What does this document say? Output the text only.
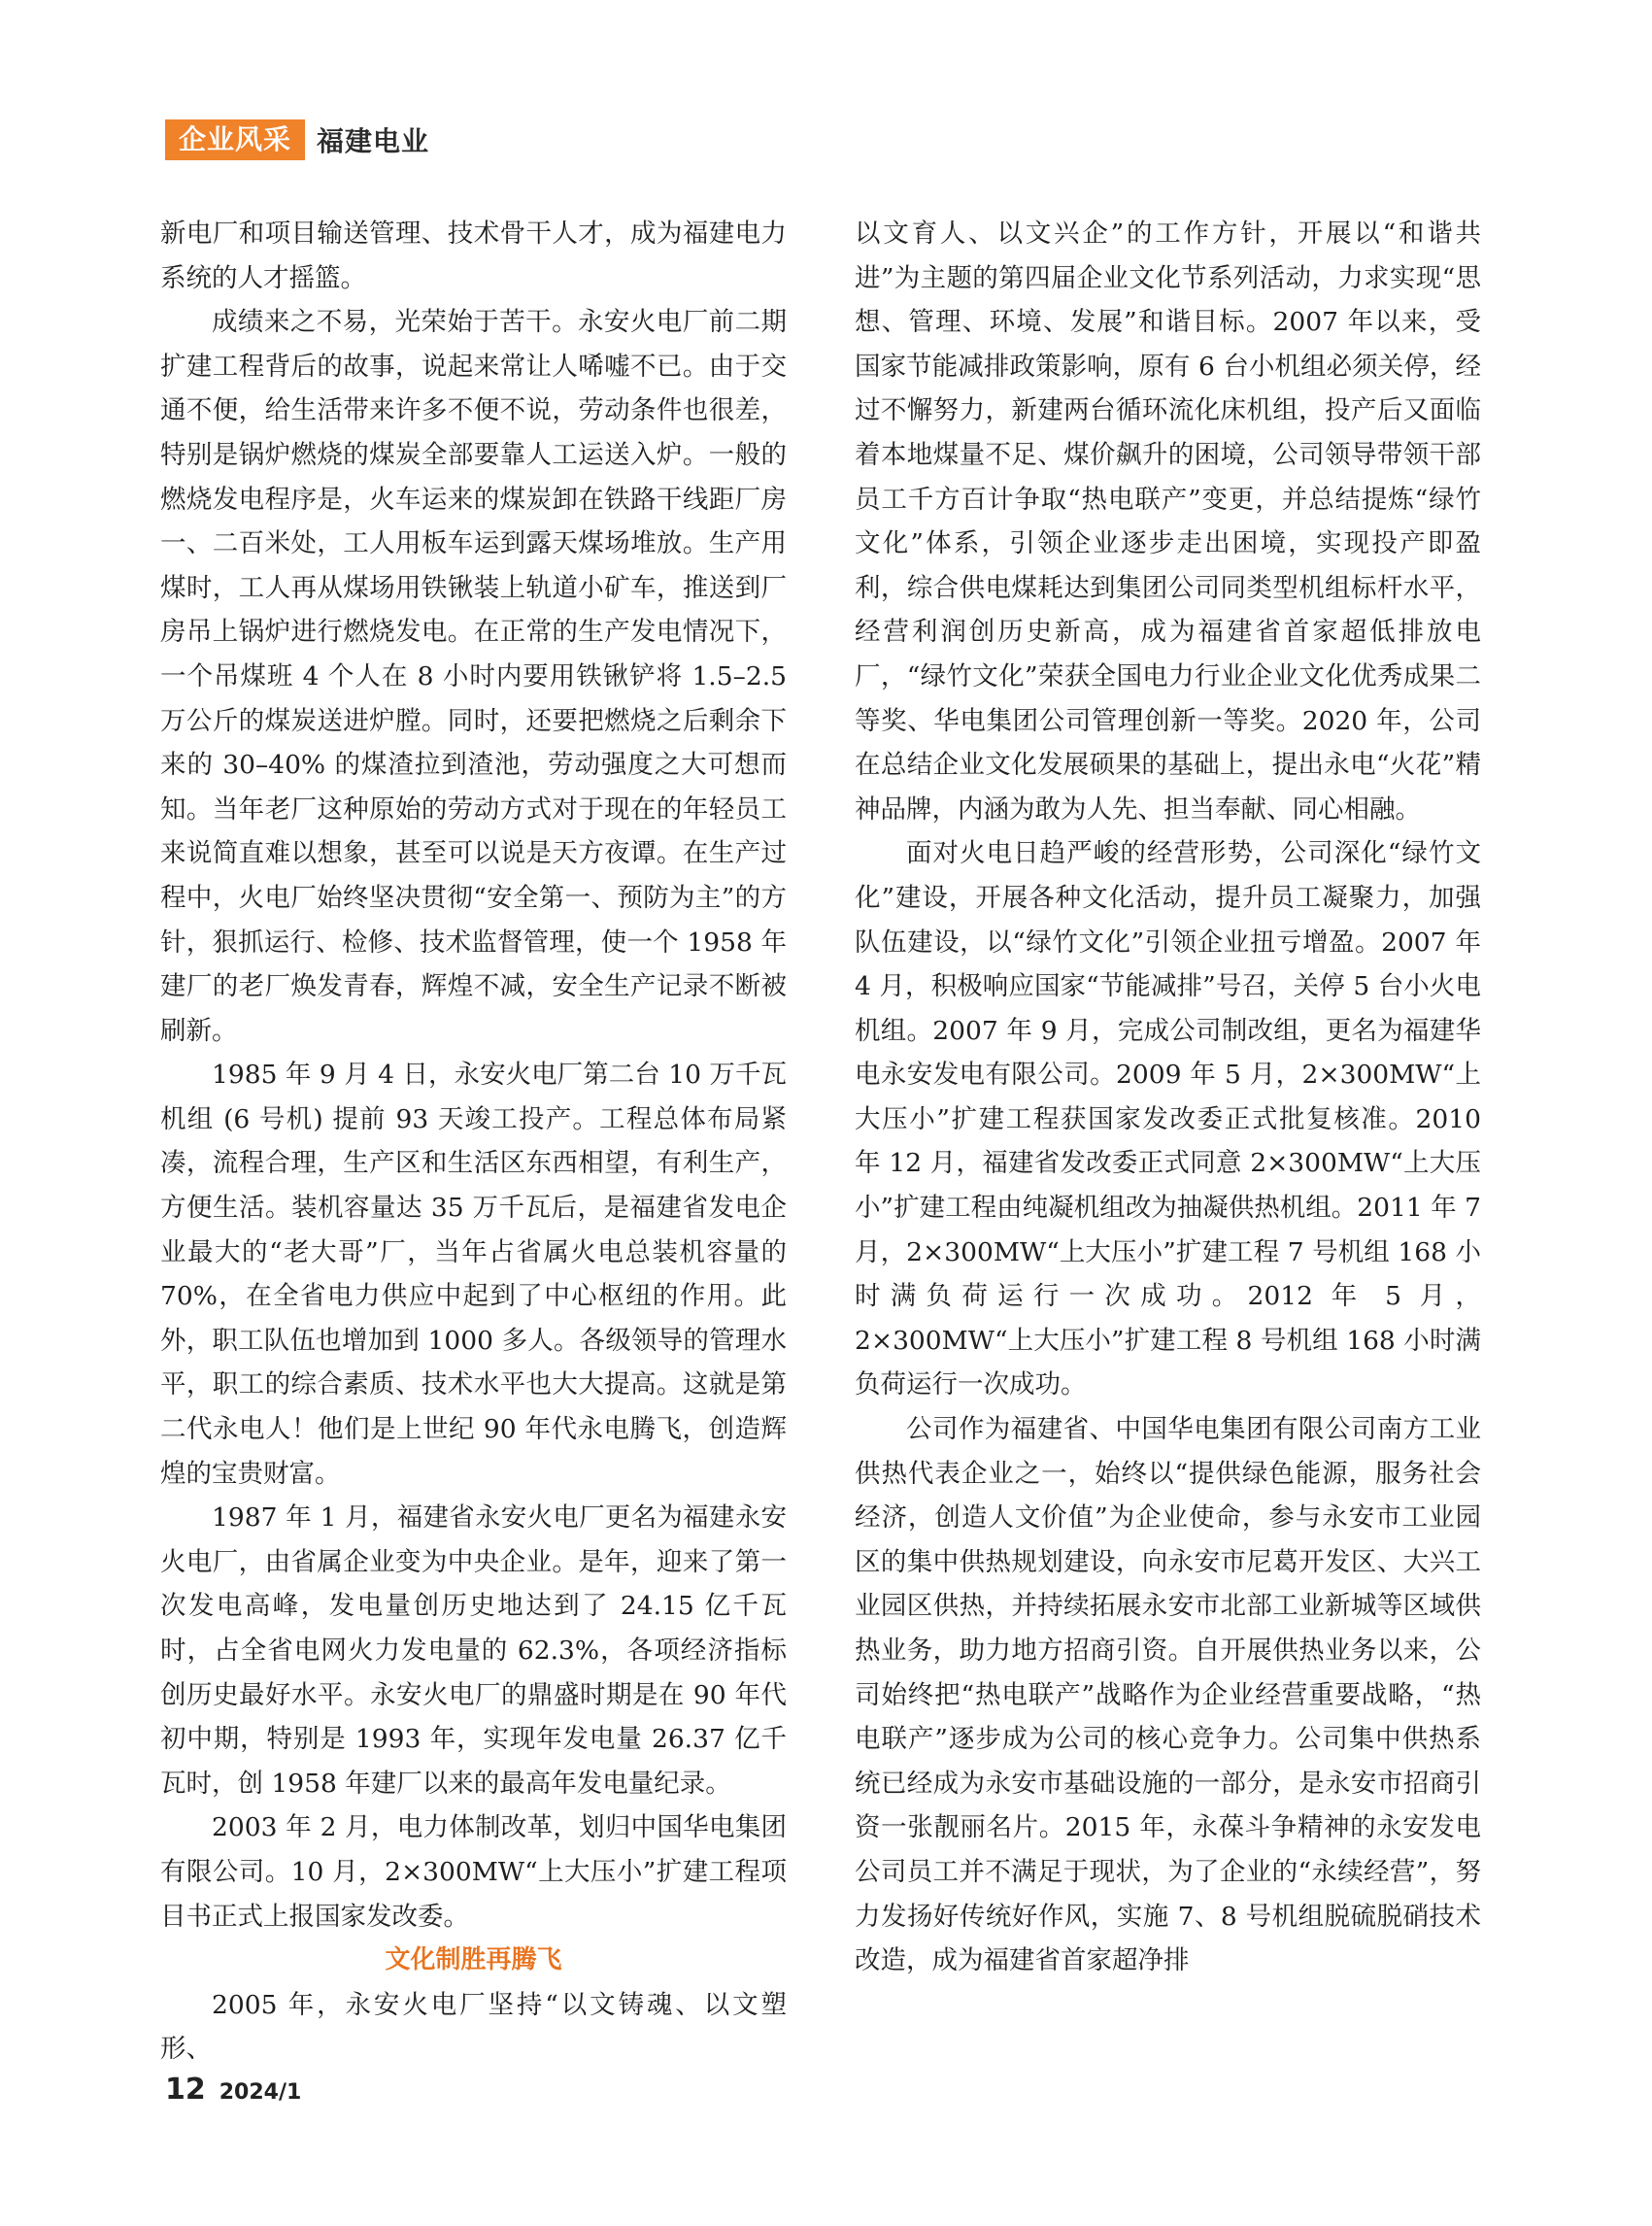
企业风采 福建电业

新电厂和项目输送管理、技术骨干人才，成为福建电力系统的人才摇篮。

成绩来之不易，光荣始于苦干。永安火电厂前二期扩建工程背后的故事，说起来常让人唏嘘不已。由于交通不便，给生活带来许多不便不说，劳动条件也很差，特别是锅炉燃烧的煤炭全部要靠人工运送入炉。一般的燃烧发电程序是，火车运来的煤炭卸在铁路干线距厂房一、二百米处，工人用板车运到露天煤场堆放。生产用煤时，工人再从煤场用铁锹装上轨道小矿车，推送到厂房吊上锅炉进行燃烧发电。在正常的生产发电情况下，一个吊煤班 4 个人在 8 小时内要用铁锹铲将 1.5–2.5 万公斤的煤炭送进炉膛。同时，还要把燃烧之后剩余下来的 30–40% 的煤渣拉到渣池，劳动强度之大可想而知。当年老厂这种原始的劳动方式对于现在的年轻员工来说简直难以想象，甚至可以说是天方夜谭。在生产过程中，火电厂始终坚决贯彻“安全第一、预防为主”的方针，狠抓运行、检修、技术监督管理，使一个 1958 年建厂的老厂焕发青春，辉煌不减，安全生产记录不断被刷新。

1985 年 9 月 4 日，永安火电厂第二台 10 万千瓦机组 (6 号机) 提前 93 天竣工投产。工程总体布局紧凑，流程合理，生产区和生活区东西相望，有利生产，方便生活。装机容量达 35 万千瓦后，是福建省发电企业最大的“老大哥”厂，当年占省属火电总装机容量的 70%，在全省电力供应中起到了中心枢纽的作用。此外，职工队伍也增加到 1000 多人。各级领导的管理水平，职工的综合素质、技术水平也大大提高。这就是第二代永电人！他们是上世纪 90 年代永电腾飞，创造辉煌的宝贵财富。

1987 年 1 月，福建省永安火电厂更名为福建永安火电厂，由省属企业变为中央企业。是年，迎来了第一次发电高峰，发电量创历史地达到了 24.15 亿千瓦时，占全省电网火力发电量的 62.3%，各项经济指标创历史最好水平。永安火电厂的鼎盛时期是在 90 年代初中期，特别是 1993 年，实现年发电量 26.37 亿千瓦时，创 1958 年建厂以来的最高年发电量纪录。

2003 年 2 月，电力体制改革，划归中国华电集团有限公司。10 月，2×300MW“上大压小”扩建工程项目书正式上报国家发改委。

文化制胜再腾飞

2005 年，永安火电厂坚持“以文铸魂、以文塑形、

以文育人、以文兴企”的工作方针，开展以“和谐共进”为主题的第四届企业文化节系列活动，力求实现“思想、管理、环境、发展”和谐目标。2007 年以来，受国家节能减排政策影响，原有 6 台小机组必须关停，经过不懈努力，新建两台循环流化床机组，投产后又面临着本地煤量不足、煤价飙升的困境，公司领导带领干部员工千方百计争取“热电联产”变更，并总结提炼“绿竹文化”体系，引领企业逐步走出困境，实现投产即盈利，综合供电煤耗达到集团公司同类型机组标杆水平，经营利润创历史新高，成为福建省首家超低排放电厂，“绿竹文化”荣获全国电力行业企业文化优秀成果二等奖、华电集团公司管理创新一等奖。2020 年，公司在总结企业文化发展硕果的基础上，提出永电“火花”精神品牌，内涵为敢为人先、担当奉献、同心相融。

面对火电日趋严峻的经营形势，公司深化“绿竹文化”建设，开展各种文化活动，提升员工凝聚力，加强队伍建设，以“绿竹文化”引领企业扭亏增盈。2007 年 4 月，积极响应国家“节能减排”号召，关停 5 台小火电机组。2007 年 9 月，完成公司制改组，更名为福建华电永安发电有限公司。2009 年 5 月，2×300MW“上大压小”扩建工程获国家发改委正式批复核准。2010 年 12 月，福建省发改委正式同意 2×300MW“上大压小”扩建工程由纯凝机组改为抽凝供热机组。2011 年 7 月，2×300MW“上大压小”扩建工程 7 号机组 168 小时满负荷运行一次成功。2012 年 5 月，2×300MW“上大压小”扩建工程 8 号机组 168 小时满负荷运行一次成功。

公司作为福建省、中国华电集团有限公司南方工业供热代表企业之一，始终以“提供绿色能源，服务社会经济，创造人文价值”为企业使命，参与永安市工业园区的集中供热规划建设，向永安市尼葛开发区、大兴工业园区供热，并持续拓展永安市北部工业新城等区域供热业务，助力地方招商引资。自开展供热业务以来，公司始终把“热电联产”战略作为企业经营重要战略，“热电联产”逐步成为公司的核心竞争力。公司集中供热系统已经成为永安市基础设施的一部分，是永安市招商引资一张靓丽名片。2015 年，永葆斗争精神的永安发电公司员工并不满足于现状，为了企业的“永续经营”，努力发扬好传统好作风，实施 7、8 号机组脱硫脱硝技术改造，成为福建省首家超净排

12 2024/1
